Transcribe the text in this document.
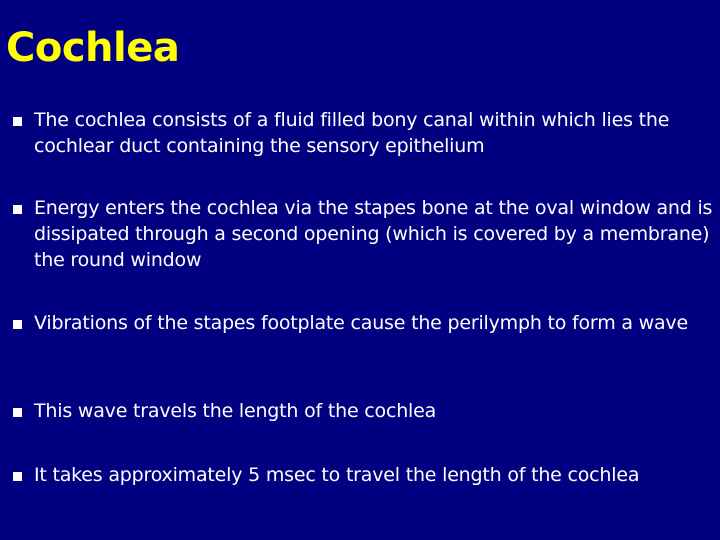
Cochlea
The cochlea consists of a fluid filled bony canal within which lies the cochlear duct containing the sensory epithelium
Energy enters the cochlea via the stapes bone at the oval window and is dissipated through a second opening (which is covered by a membrane) the round window
Vibrations of the stapes footplate cause the perilymph to form a wave
This wave travels the length of the cochlea
It takes approximately 5 msec to travel the length of the cochlea
